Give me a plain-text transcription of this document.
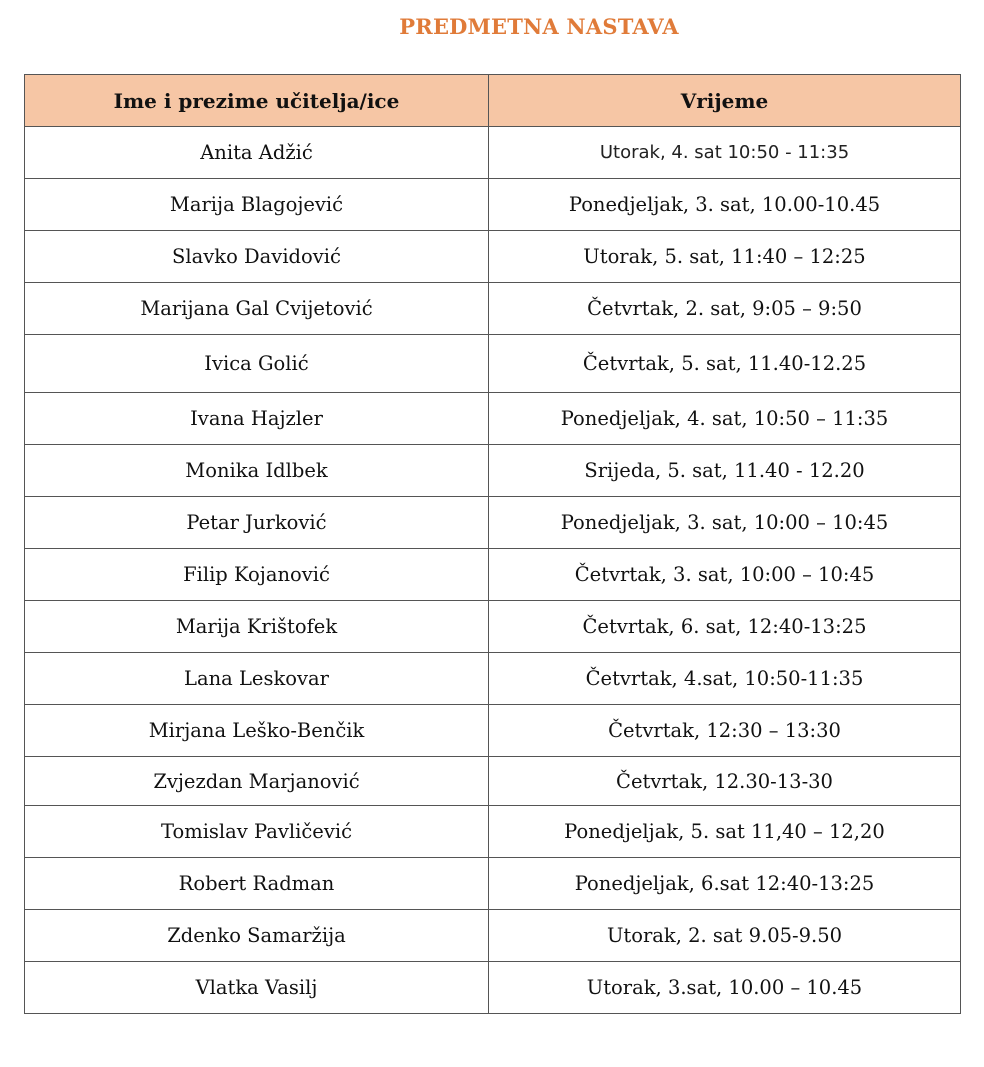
PREDMETNA NASTAVA
Ime i prezime učitelja/ice	Vrijeme
Anita Adžić	Utorak, 4. sat 10:50 - 11:35
Marija Blagojević	Ponedjeljak, 3. sat, 10.00-10.45
Slavko Davidović	Utorak, 5. sat, 11:40 – 12:25
Marijana Gal Cvijetović	Četvrtak, 2. sat, 9:05 – 9:50
Ivica Golić	Četvrtak, 5. sat, 11.40-12.25
Ivana Hajzler	Ponedjeljak, 4. sat, 10:50 – 11:35
Monika Idlbek	Srijeda, 5. sat, 11.40 - 12.20
Petar Jurković	Ponedjeljak, 3. sat, 10:00 – 10:45
Filip Kojanović	Četvrtak, 3. sat, 10:00 – 10:45
Marija Krištofek	Četvrtak, 6. sat, 12:40-13:25
Lana Leskovar	Četvrtak, 4.sat, 10:50-11:35
Mirjana Leško-Benčik	Četvrtak, 12:30 – 13:30
Zvjezdan Marjanović	Četvrtak, 12.30-13-30
Tomislav Pavličević	Ponedjeljak, 5. sat 11,40 – 12,20
Robert Radman	Ponedjeljak, 6.sat 12:40-13:25
Zdenko Samaržija	Utorak, 2. sat 9.05-9.50
Vlatka Vasilj	Utorak, 3.sat, 10.00 – 10.45
